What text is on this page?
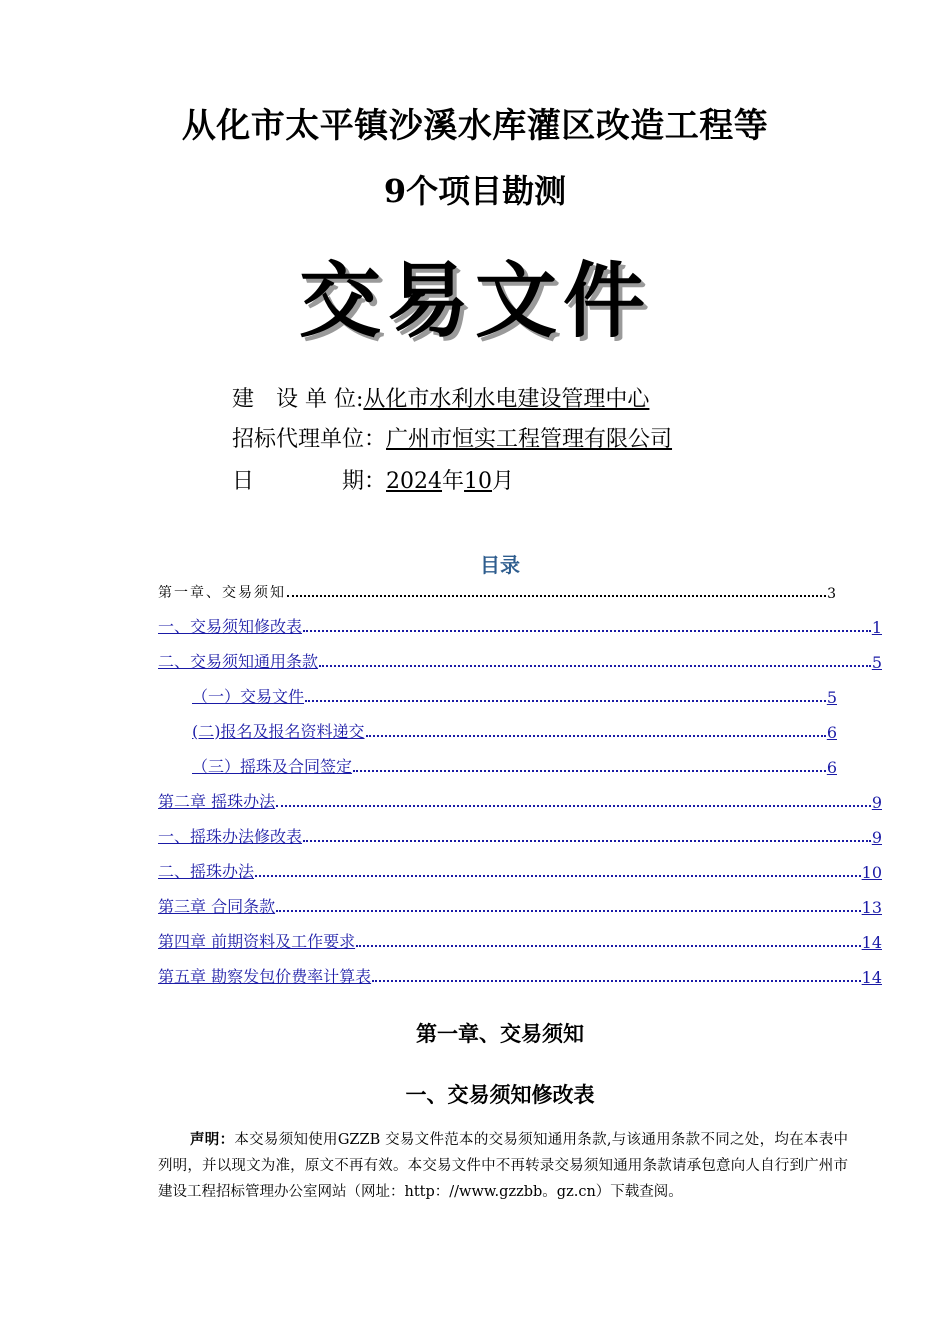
从化市太平镇沙溪水库灌区改造工程等
9个项目勘测
交易文件
建　设 单 位:从化市水利水电建设管理中心
招标代理单位：广州市恒实工程管理有限公司
日　　　　期：2024年10月
目录
第一章、交易须知	3
一、交易须知修改表	1
二、交易须知通用条款	5
（一）交易文件	5
(二)报名及报名资料递交	6
（三）摇珠及合同签定	6
第二章 摇珠办法	9
一、摇珠办法修改表	9
二、摇珠办法	10
第三章 合同条款	13
第四章 前期资料及工作要求	14
第五章 勘察发包价费率计算表	14
第一章、交易须知
一、交易须知修改表
声明：本交易须知使用GZZB 交易文件范本的交易须知通用条款,与该通用条款不同之处，均在本表中列明，并以现文为准，原文不再有效。本交易文件中不再转录交易须知通用条款请承包意向人自行到广州市建设工程招标管理办公室网站（网址：http：//www.gzzbb。gz.cn）下载查阅。
